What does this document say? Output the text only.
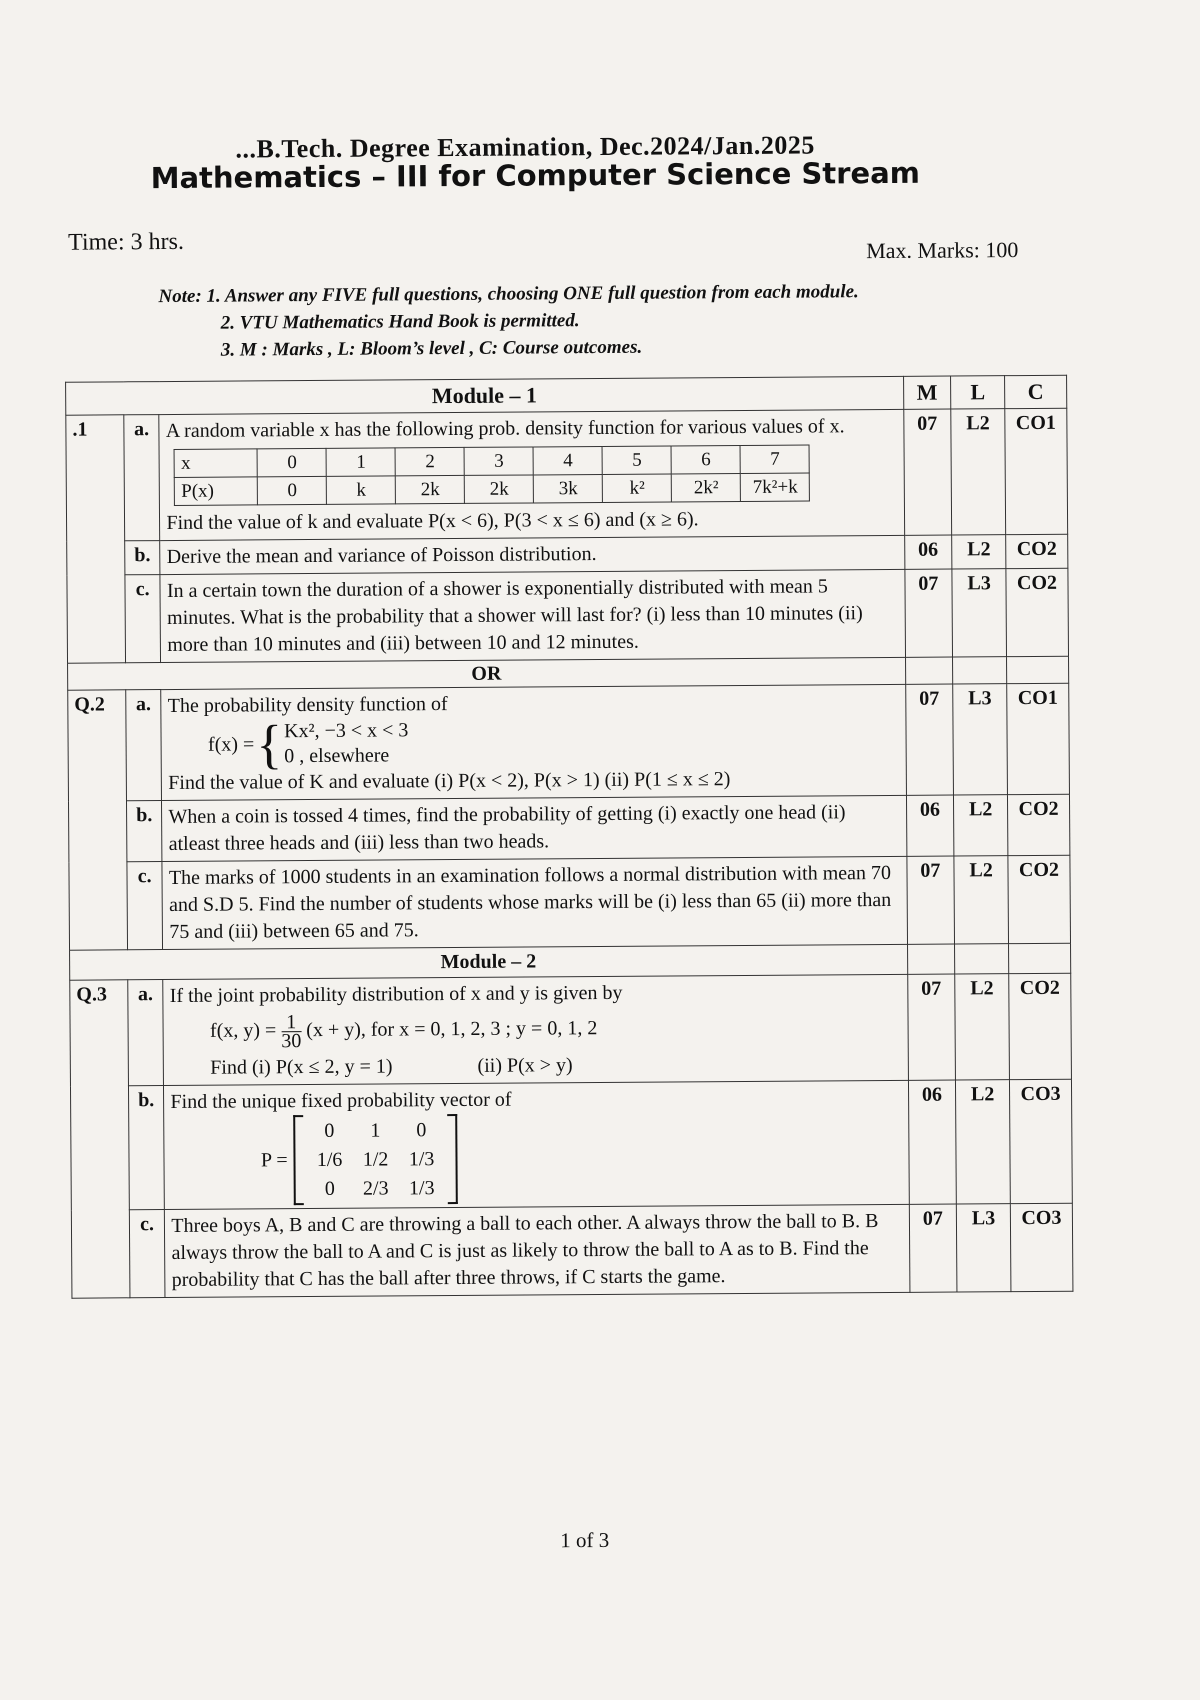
...B.Tech. Degree Examination, Dec.2024/Jan.2025
Mathematics – III for Computer Science Stream
Time: 3 hrs.	Max. Marks: 100
Note: 1. Answer any FIVE full questions, choosing ONE full question from each module.
2. VTU Mathematics Hand Book is permitted.
3. M : Marks , L: Bloom’s level , C: Course outcomes.
Module – 1	M	L	C
.1	a.	A random variable x has the following prob. density function for various values of x.
x	0	1	2	3	4	5	6	7
P(x)	0	k	2k	2k	3k	k²	2k²	7k²+k
Find the value of k and evaluate P(x < 6), P(3 < x ≤ 6) and (x ≥ 6).
	07	L2	CO1
b.	Derive the mean and variance of Poisson distribution.	06	L2	CO2
c.	In a certain town the duration of a shower is exponentially distributed with mean 5 minutes. What is the probability that a shower will last for? (i) less than 10 minutes (ii) more than 10 minutes and (iii) between 10 and 12 minutes.	07	L3	CO2
OR			
Q.2	a.	The probability density function of
f(x) = { Kx², −3 < x < 3
0 , elsewhere
Find the value of K and evaluate (i) P(x < 2), P(x > 1) (ii) P(1 ≤ x ≤ 2)
	07	L3	CO1
b.	When a coin is tossed 4 times, find the probability of getting (i) exactly one head (ii) atleast three heads and (iii) less than two heads.	06	L2	CO2
c.	The marks of 1000 students in an examination follows a normal distribution with mean 70 and S.D 5. Find the number of students whose marks will be (i) less than 65 (ii) more than 75 and (iii) between 65 and 75.	07	L2	CO2
Module – 2			
Q.3	a.	If the joint probability distribution of x and y is given by
f(x, $y) = \frac{1}{30} (x + y)$, for x = 0, 1, 2, 3 ; y = 0, 1, 2
Find (i) P(x ≤ 2, y = 1)	(ii) P(x > y)
	07	L2	CO2
b.	Find the unique fixed probability vector of
P =
0	1	0
1/6	1/2	1/3
0	2/3	1/3
	06	L2	CO3
c.	Three boys A, B and C are throwing a ball to each other. A always throw the ball to B. B always throw the ball to A and C is just as likely to throw the ball to A as to B. Find the probability that C has the ball after three throws, if C starts the game.	07	L3	CO3
1 of 3
